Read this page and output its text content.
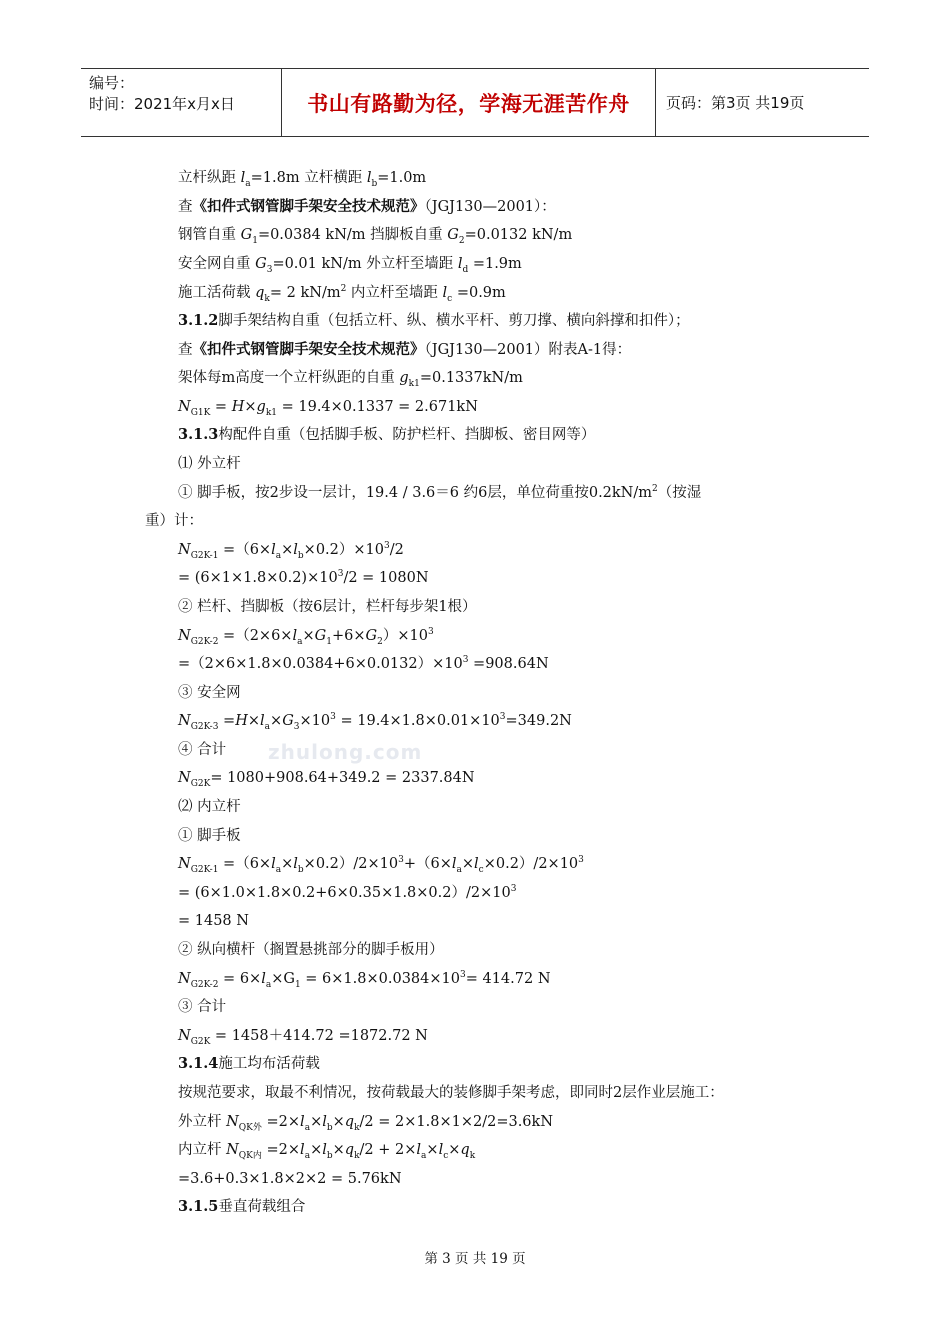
编号：
时间：2021年x月x日	书山有路勤为径，学海无涯苦作舟	页码：第3页 共19页
立杆纵距 $l_a=1.8m$ 立杆横距 $l_b=1.0m$
查《扣件式钢管脚手架安全技术规范》（JGJ130—2001）：
钢管自重 $G_1=0.0384$ kN/m 挡脚板自重 $G_2=0.0132$ kN/m
安全网自重 $G_3=0.01$ kN/m 外立杆至墙距 $l_d =1.9m$
施工活荷载 $q_k= 2$ $kN/m^2$ 内立杆至墙距 $l_c =0.9m$
3.1.2脚手架结构自重（包括立杆、纵、横水平杆、剪刀撑、横向斜撑和扣件）；
查《扣件式钢管脚手架安全技术规范》（JGJ130—2001）附表A-1得：
架体每m高度一个立杆纵距的自重 $g_{k1}=0.1337kN/m$
$N_{G1K} = H\times g_{k1} = 19.4\times 0.1337 = 2.671kN$
3.1.3构配件自重（包括脚手板、防护栏杆、挡脚板、密目网等）
⑴ 外立杆
① 脚手板，按2步设一层计，19.4 / 3.6＝6 约6层，单位荷重按$0.2kN/m^2$（按湿
重）计：
$N_{G2K-1} =(6\times l_a\times l_b\times 0.2)\times 10^3/2$
= $(6\times 1\times 1.8\times 0.2)\times 10^3/2 = 1080N$
② 栏杆、挡脚板（按6层计，栏杆每步架1根）
$N_{G2K-2} =(2\times 6\times l_a\times G_1+6\times G_2)\times 10^3$
$=(2\times 6\times 1.8\times 0.0384+6\times 0.0132)\times 10^3 =908.64N$
③ 安全网
$N_{G2K-3} =H\times l_a\times G_3\times 10^3 = 19.4\times 1.8\times 0.01\times 10^3=349.2N$
④ 合计
$N_{G2K}= 1080+908.64+349.2 = 2337.84N$
⑵ 内立杆
① 脚手板
$N_{G2K-1} =(6\times l_a\times l_b\times 0.2)/2\times 10^3+(6\times l_a\times l_c\times 0.2)/2\times 10^3$
= $(6\times 1.0\times 1.8\times 0.2+6\times 0.35\times 1.8\times 0.2)/2\times 10^3$
= 1458 N
② 纵向横杆（搁置悬挑部分的脚手板用）
$N_{G2K-2} = 6\times l_a\times G_1 = 6\times 1.8\times 0.0384\times 10^3= 414.72$ N
③ 合计
$N_{G2K} = 1458+414.72 =1872.72$ N
3.1.4施工均布活荷载
按规范要求，取最不利情况，按荷载最大的装修脚手架考虑，即同时2层作业层施工：
外立杆 $N_{QK外} =2\times l_a\times l_b\times q_k/2 = 2\times 1.8\times 1\times 2/2=3.6kN$
内立杆 $N_{QK内} =2\times l_a\times l_b\times q_k/2 + 2\times l_a\times l_c\times q_k$
=3.6+0.3×1.8×2×2 = 5.76kN
3.1.5垂直荷载组合
zhulong.com
第 3 页 共 19 页
